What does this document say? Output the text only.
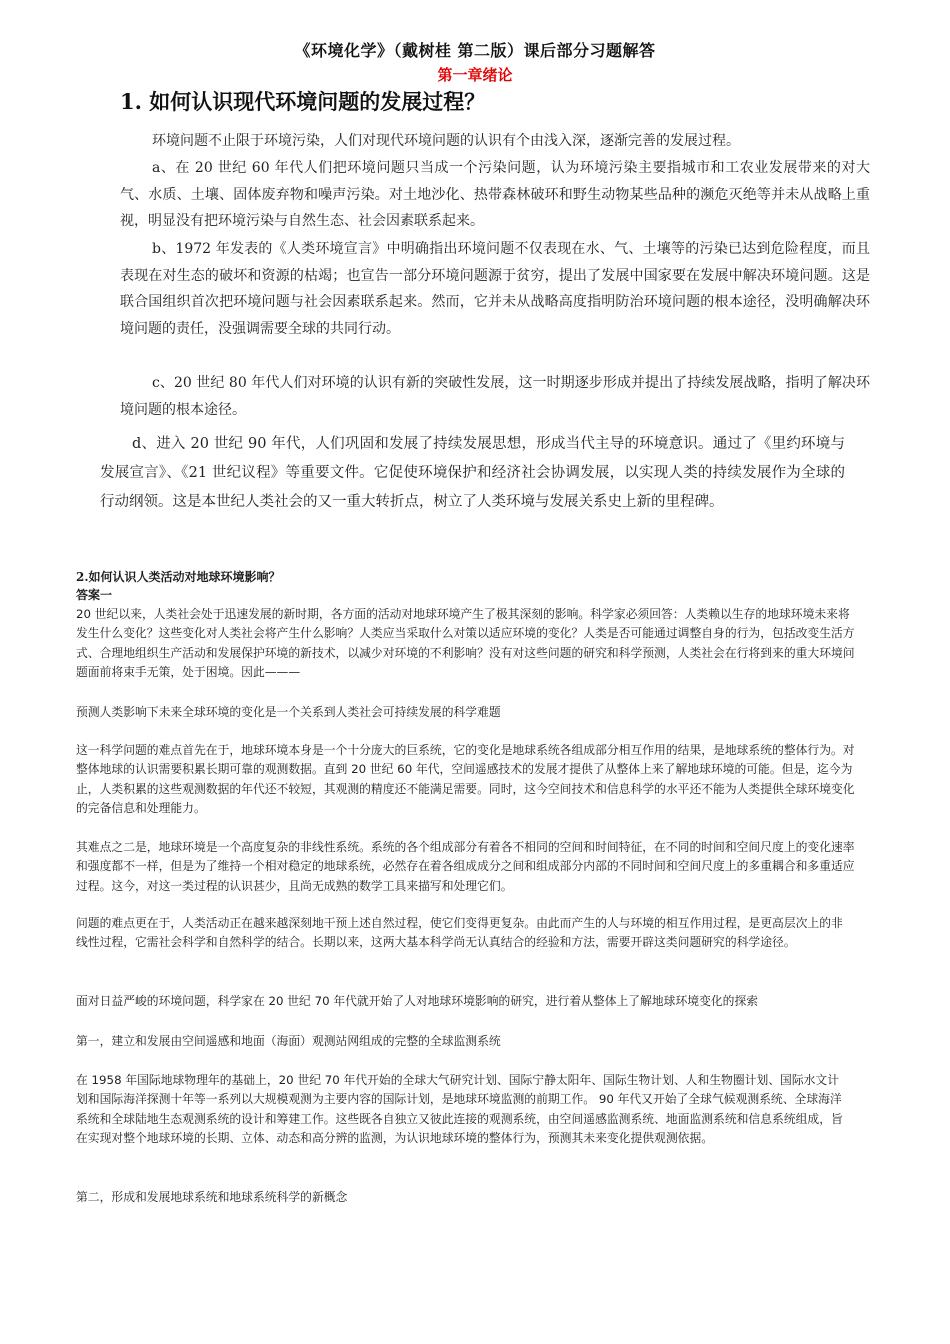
《环境化学》（戴树桂 第二版）课后部分习题解答
第一章绪论
1. 如何认识现代环境问题的发展过程？

环境问题不止限于环境污染，人们对现代环境问题的认识有个由浅入深，逐渐完善的发展过程。

a、在 20 世纪 60 年代人们把环境问题只当成一个污染问题，认为环境污染主要指城市和工农业发展带来的对大气、水质、土壤、固体废弃物和噪声污染。对土地沙化、热带森林破环和野生动物某些品种的濒危灭绝等并未从战略上重视，明显没有把环境污染与自然生态、社会因素联系起来。

b、1972 年发表的《人类环境宣言》中明确指出环境问题不仅表现在水、气、土壤等的污染已达到危险程度，而且表现在对生态的破坏和资源的枯竭；也宣告一部分环境问题源于贫穷，提出了发展中国家要在发展中解决环境问题。这是联合国组织首次把环境问题与社会因素联系起来。然而，它并未从战略高度指明防治环境问题的根本途径，没明确解决环境问题的责任，没强调需要全球的共同行动。

c、20 世纪 80 年代人们对环境的认识有新的突破性发展，这一时期逐步形成并提出了持续发展战略，指明了解决环境问题的根本途径。

d、进入 20 世纪 90 年代，人们巩固和发展了持续发展思想，形成当代主导的环境意识。通过了《里约环境与发展宣言》、《21 世纪议程》等重要文件。它促使环境保护和经济社会协调发展，以实现人类的持续发展作为全球的行动纲领。这是本世纪人类社会的又一重大转折点，树立了人类环境与发展关系史上新的里程碑。

2.如何认识人类活动对地球环境影响？
答案一

20 世纪以来，人类社会处于迅速发展的新时期，各方面的活动对地球环境产生了极其深刻的影响。科学家必须回答：人类赖以生存的地球环境未来将发生什么变化？这些变化对人类社会将产生什么影响？人类应当采取什么对策以适应环境的变化？人类是否可能通过调整自身的行为，包括改变生活方式、合理地组织生产活动和发展保护环境的新技术，以减少对环境的不利影响？没有对这些问题的研究和科学预测，人类社会在行将到来的重大环境问题面前将束手无策，处于困境。因此———

预测人类影响下未来全球环境的变化是一个关系到人类社会可持续发展的科学难题

这一科学问题的难点首先在于，地球环境本身是一个十分庞大的巨系统，它的变化是地球系统各组成部分相互作用的结果，是地球系统的整体行为。对整体地球的认识需要积累长期可靠的观测数据。直到 20 世纪 60 年代，空间遥感技术的发展才提供了从整体上来了解地球环境的可能。但是，迄今为止，人类积累的这些观测数据的年代还不较短，其观测的精度还不能满足需要。同时，这今空间技术和信息科学的水平还不能为人类提供全球环境变化的完备信息和处理能力。

其难点之二是，地球环境是一个高度复杂的非线性系统。系统的各个组成部分有着各不相同的空间和时间特征，在不同的时间和空间尺度上的变化速率和强度都不一样，但是为了维持一个相对稳定的地球系统，必然存在着各组成成分之间和组成部分内部的不同时间和空间尺度上的多重耦合和多重适应过程。这今，对这一类过程的认识甚少，且尚无成熟的数学工具来描写和处理它们。

问题的难点更在于，人类活动正在越来越深刻地干预上述自然过程，使它们变得更复杂。由此而产生的人与环境的相互作用过程，是更高层次上的非线性过程，它需社会科学和自然科学的结合。长期以来，这两大基本科学尚无认真结合的经验和方法，需要开辟这类问题研究的科学途径。

面对日益严峻的环境问题，科学家在 20 世纪 70 年代就开始了人对地球环境影响的研究，进行着从整体上了解地球环境变化的探索

第一，建立和发展由空间遥感和地面（海面）观测站网组成的完整的全球监测系统

在 1958 年国际地球物理年的基础上，20 世纪 70 年代开始的全球大气研究计划、国际宁静太阳年、国际生物计划、人和生物圈计划、国际水文计划和国际海洋探测十年等一系列以大规模观测为主要内容的国际计划，是地球环境监测的前期工作。 90 年代又开始了全球气候观测系统、全球海洋系统和全球陆地生态观测系统的设计和筹建工作。这些既各自独立又彼此连接的观测系统，由空间遥感监测系统、地面监测系统和信息系统组成，旨在实现对整个地球环境的长期、立体、动态和高分辨的监测，为认识地球环境的整体行为，预测其未来变化提供观测依据。

第二，形成和发展地球系统和地球系统科学的新概念
